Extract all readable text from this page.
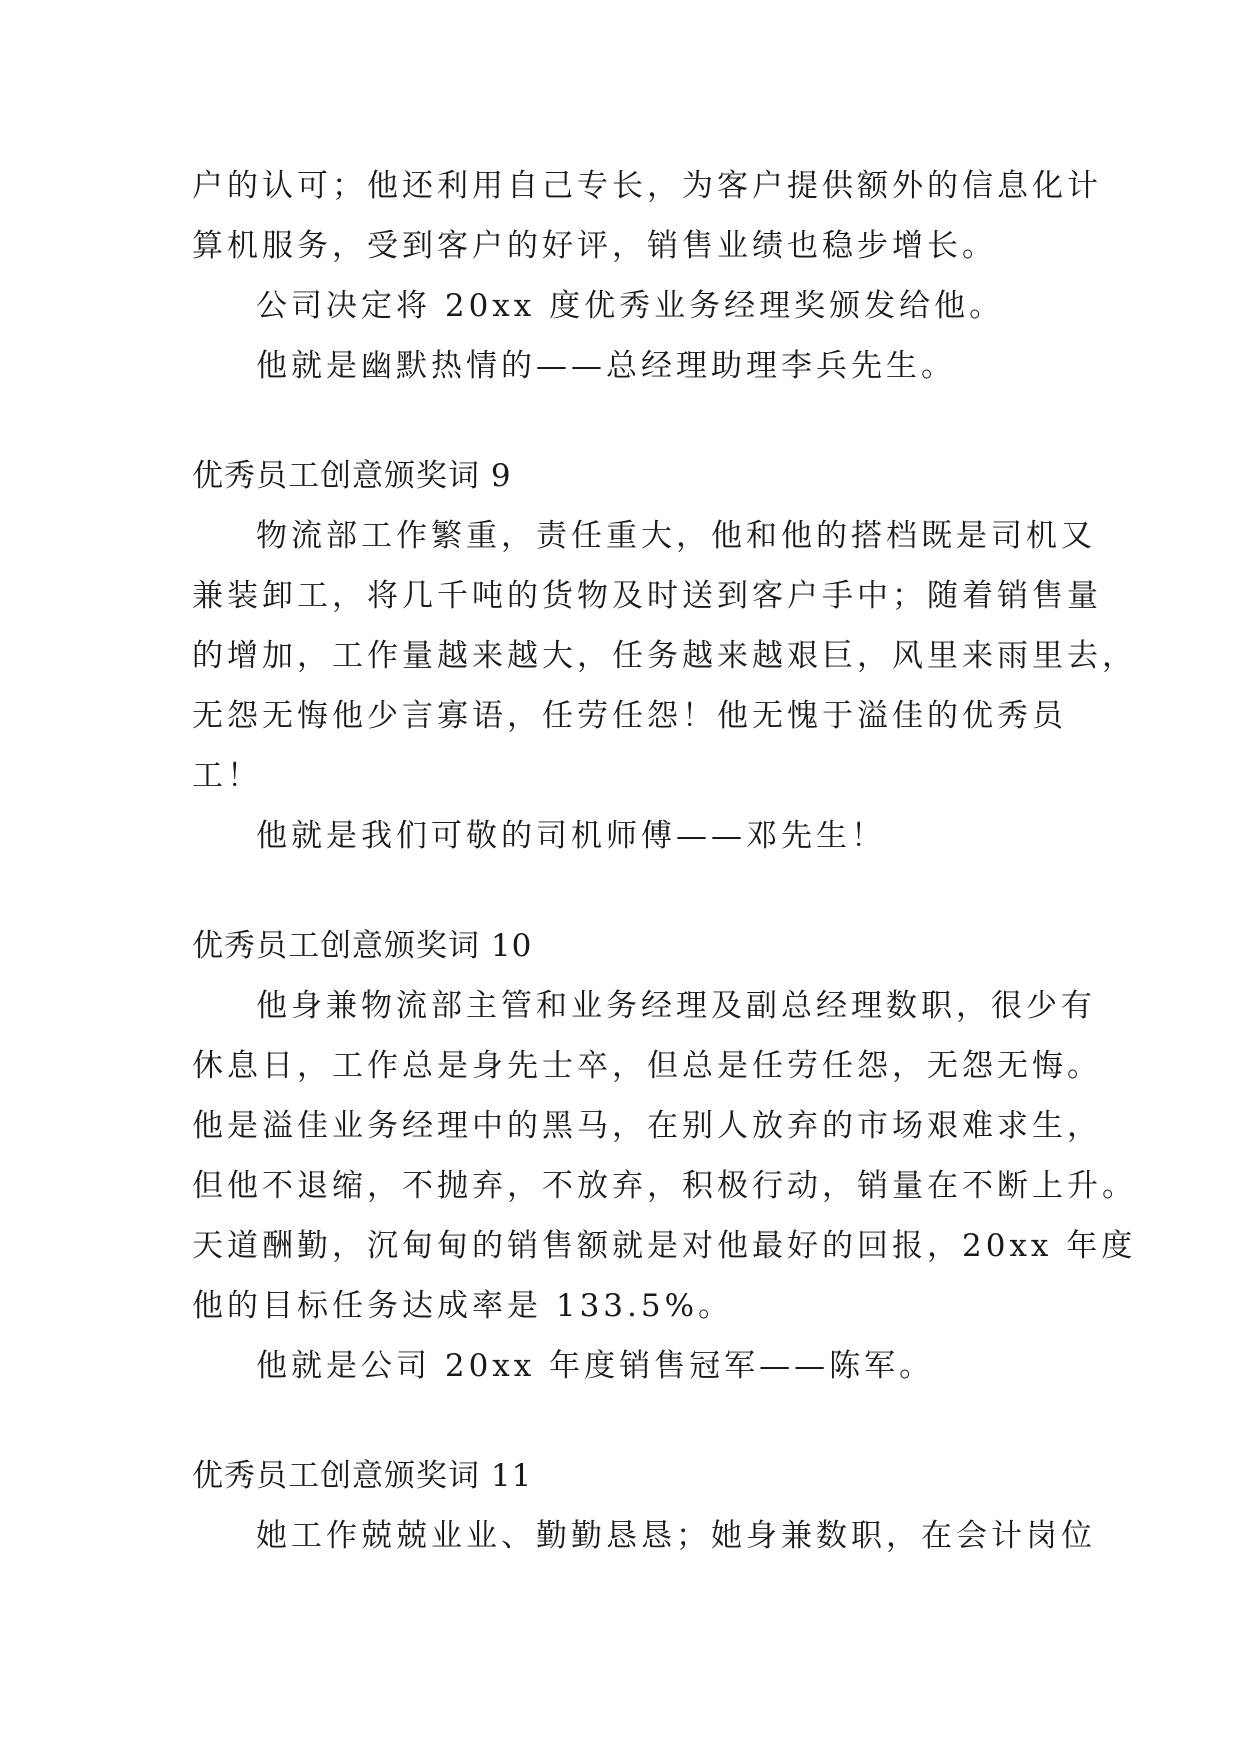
户的认可；他还利用自己专长，为客户提供额外的信息化计
算机服务，受到客户的好评，销售业绩也稳步增长。
公司决定将 20xx 度优秀业务经理奖颁发给他。
他就是幽默热情的——总经理助理李兵先生。
优秀员工创意颁奖词 9
物流部工作繁重，责任重大，他和他的搭档既是司机又
兼装卸工，将几千吨的货物及时送到客户手中；随着销售量
的增加，工作量越来越大，任务越来越艰巨，风里来雨里去，
无怨无悔他少言寡语，任劳任怨！他无愧于溢佳的优秀员
工！
他就是我们可敬的司机师傅——邓先生！
优秀员工创意颁奖词 10
他身兼物流部主管和业务经理及副总经理数职，很少有
休息日，工作总是身先士卒，但总是任劳任怨，无怨无悔。
他是溢佳业务经理中的黑马，在别人放弃的市场艰难求生，
但他不退缩，不抛弃，不放弃，积极行动，销量在不断上升。
天道酬勤，沉甸甸的销售额就是对他最好的回报，20xx 年度
他的目标任务达成率是 133.5%。
他就是公司 20xx 年度销售冠军——陈军。
优秀员工创意颁奖词 11
她工作兢兢业业、勤勤恳恳；她身兼数职，在会计岗位
